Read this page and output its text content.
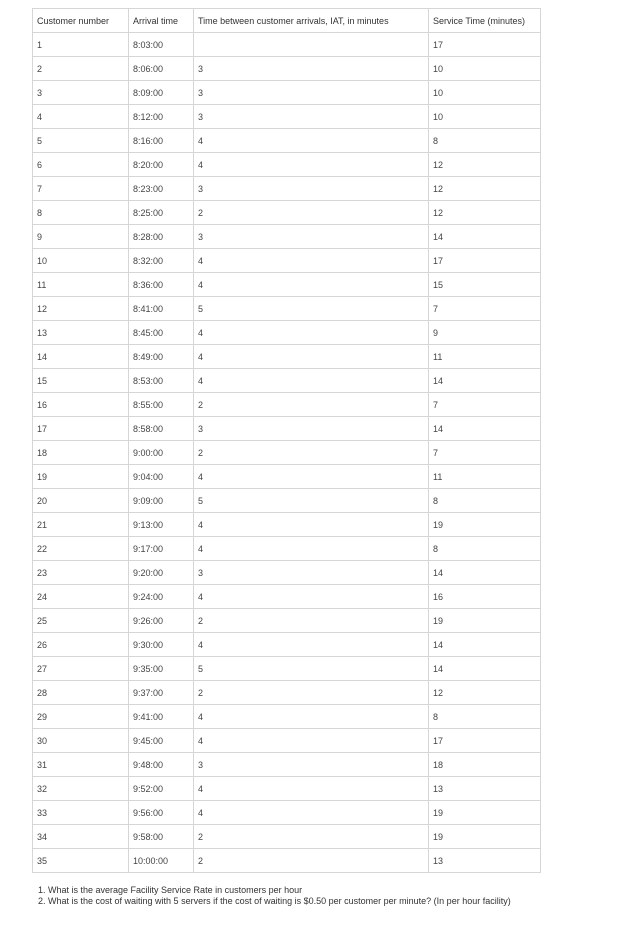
Customer number	Arrival time	Time between customer arrivals, IAT, in minutes	Service Time (minutes)
1	8:03:00		17
2	8:06:00	3	10
3	8:09:00	3	10
4	8:12:00	3	10
5	8:16:00	4	8
6	8:20:00	4	12
7	8:23:00	3	12
8	8:25:00	2	12
9	8:28:00	3	14
10	8:32:00	4	17
11	8:36:00	4	15
12	8:41:00	5	7
13	8:45:00	4	9
14	8:49:00	4	11
15	8:53:00	4	14
16	8:55:00	2	7
17	8:58:00	3	14
18	9:00:00	2	7
19	9:04:00	4	11
20	9:09:00	5	8
21	9:13:00	4	19
22	9:17:00	4	8
23	9:20:00	3	14
24	9:24:00	4	16
25	9:26:00	2	19
26	9:30:00	4	14
27	9:35:00	5	14
28	9:37:00	2	12
29	9:41:00	4	8
30	9:45:00	4	17
31	9:48:00	3	18
32	9:52:00	4	13
33	9:56:00	4	19
34	9:58:00	2	19
35	10:00:00	2	13
1. What is the average Facility Service Rate in customers per hour
2. What is the cost of waiting with 5 servers if the cost of waiting is $0.50 per customer per minute? (In per hour facility)
